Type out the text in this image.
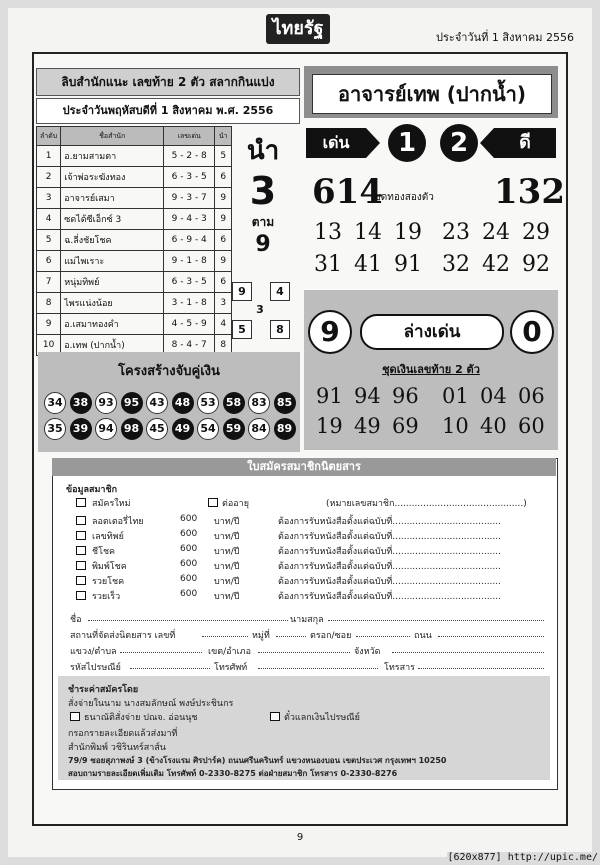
ไทยรัฐ	ประจำวันที่ 1 สิงหาคม 2556
ลิบสำนักแนะ เลขท้าย 2 ตัว สลากกินแบ่ง
ประจำวันพฤหัสบดีที่ 1 สิงหาคม พ.ศ. 2556
ลำดับ	ชื่อสำนัก	เลขเด่น	นำ
1	อ.ยามสามตา	5 - 2 - 8	5
2	เจ้าพ่อระฆังทอง	6 - 3 - 5	6
3	อาจารย์เสมา	9 - 3 - 7	9
4	ซดได้ซีเอ็กซ์ 3	9 - 4 - 3	9
5	ฉ.ลี่งชัยโชค	6 - 9 - 4	6
6	แม่ไพเราะ	9 - 1 - 8	9
7	หนุ่มทิพย์	6 - 3 - 5	6
8	ไพรแน่งน้อย	3 - 1 - 8	3
9	อ.เสมาทองคำ	4 - 5 - 9	4
10	อ.เทพ (ปากน้ำ)	8 - 4 - 7	8
นำ
3
ตาม
9
9	4
3
5	8
โครงสร้างจับคู่เงิน
34 38 93 95 43 48 53 58 83 85
35 39 94 98 45 49 54 59 84 89
อาจารย์เทพ (ปากน้ำ)
เด่น	1	2	ดี
614
ชุดทองสองตัว 132
13 14 19 23 24 29
31 41 91 32 42 92
9	ล่างเด่น	0
ชุดเงินเลขท้าย 2 ตัว
91 94 96 01 04 06
19 49 69 10 40 60
ใบสมัครสมาชิกนิตยสาร
ข้อมูลสมาชิก
สมัครใหม่	ต่ออายุ	(หมายเลขสมาชิก.............................................)
ลอตเตอรี่ไทย	600 บาท/ปี	ต้องการรับหนังสือตั้งแต่ฉบับที่......................................
เลขทิพย์	600 บาท/ปี	ต้องการรับหนังสือตั้งแต่ฉบับที่......................................
ชีโชค	600 บาท/ปี	ต้องการรับหนังสือตั้งแต่ฉบับที่......................................
พิมพ์โชค	600 บาท/ปี	ต้องการรับหนังสือตั้งแต่ฉบับที่......................................
รวยโชค	600 บาท/ปี	ต้องการรับหนังสือตั้งแต่ฉบับที่......................................
รวยเร็ว	600 บาท/ปี	ต้องการรับหนังสือตั้งแต่ฉบับที่......................................
ชื่อ	นามสกุล
สถานที่จัดส่งนิตยสาร เลขที่	หมู่ที่	ตรอก/ซอย	ถนน
แขวง/ตำบล	เขต/อำเภอ	จังหวัด
รหัสไปรษณีย์	โทรศัพท์	โทรสาร
ชำระค่าสมัครโดย
สั่งจ่ายในนาม นางสมลักษณ์ พงษ์ประชินกร
ธนาณัติสั่งจ่าย ปณจ. อ่อนนุช	ตั๋วแลกเงินไปรษณีย์
กรอกรายละเอียดแล้วส่งมาที่
สำนักพิมพ์ วชิรินทร์สาส์น
79/9 ซอยสุภาพงษ์ 3 (ข้างโรงแรม ศิรปาร์ค) ถนนศรีนครินทร์ แขวงหนองบอน เขตประเวศ กรุงเทพฯ 10250
สอบถามรายละเอียดเพิ่มเติม โทรศัพท์ 0-2330-8275 ต่อฝ่ายสมาชิก โทรสาร 0-2330-8276
9
[620x877] http://upic.me/
